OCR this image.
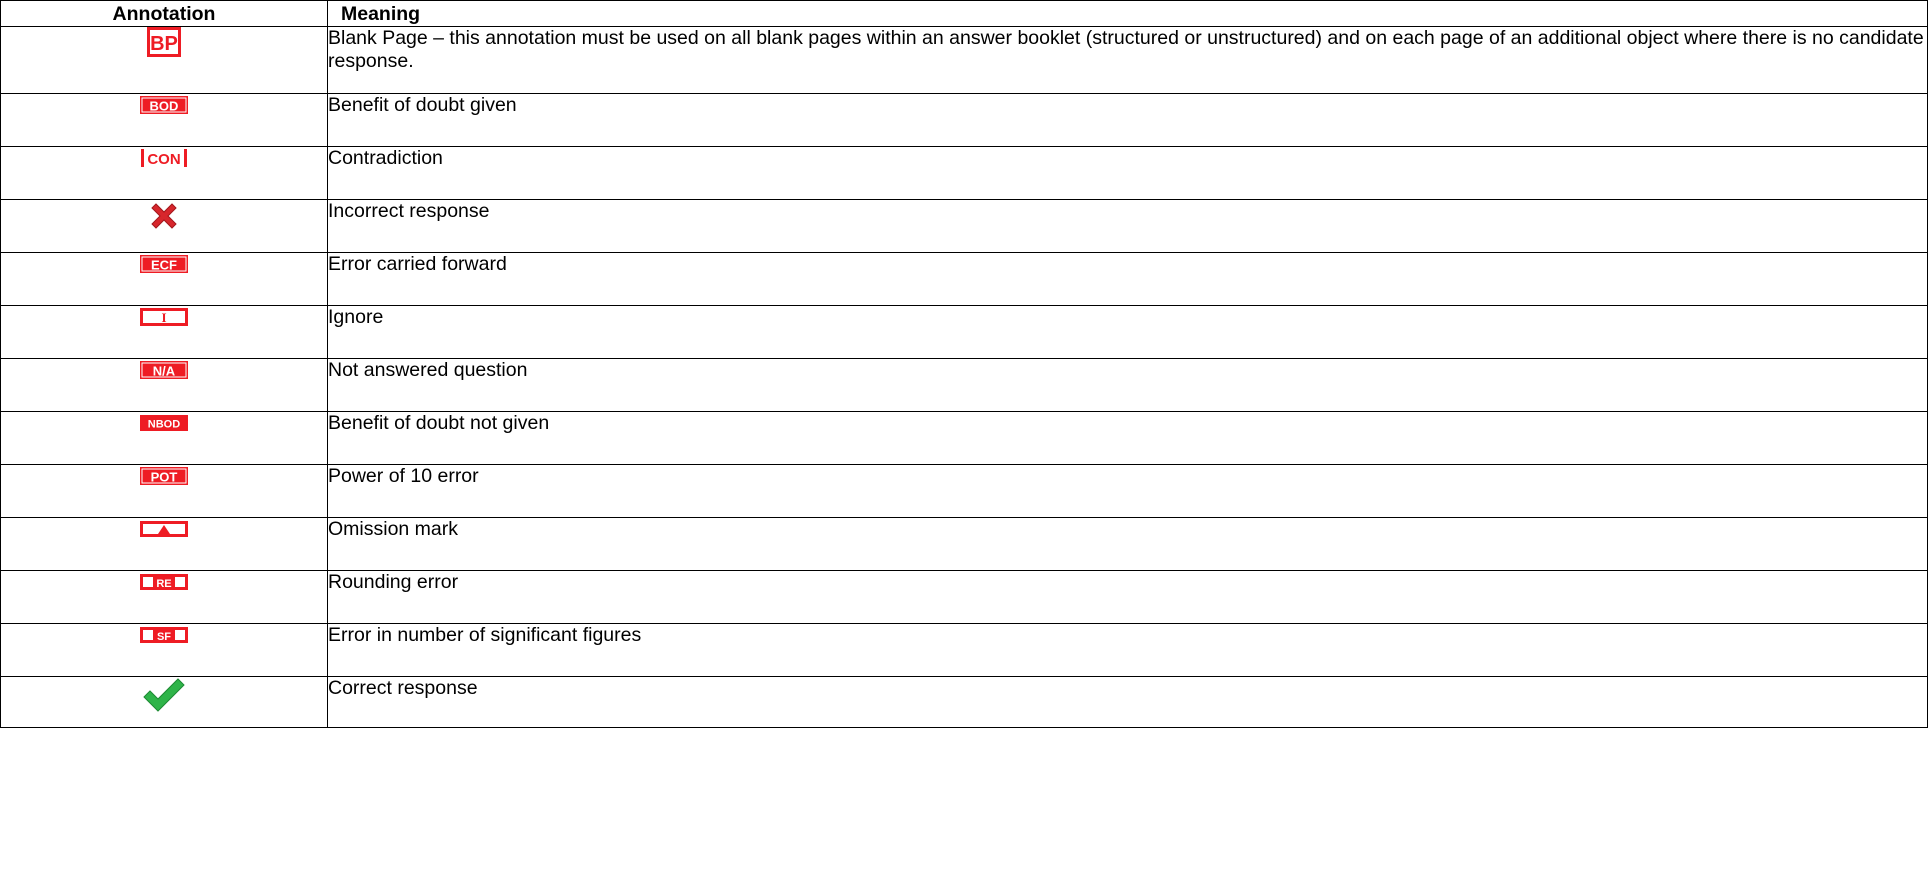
Annotation	Meaning

BP	Blank Page – this annotation must be used on all blank pages within an answer booklet (structured or unstructured) and on each page of an additional object where there is no candidate response.

BOD	Benefit of doubt given

CON	Contradiction

	Incorrect response

ECF	Error carried forward

I	Ignore

N/A	Not answered question

NBOD	Benefit of doubt not given

POT	Power of 10 error

	Omission mark

RE	Rounding error

SF	Error in number of significant figures

	Correct response
